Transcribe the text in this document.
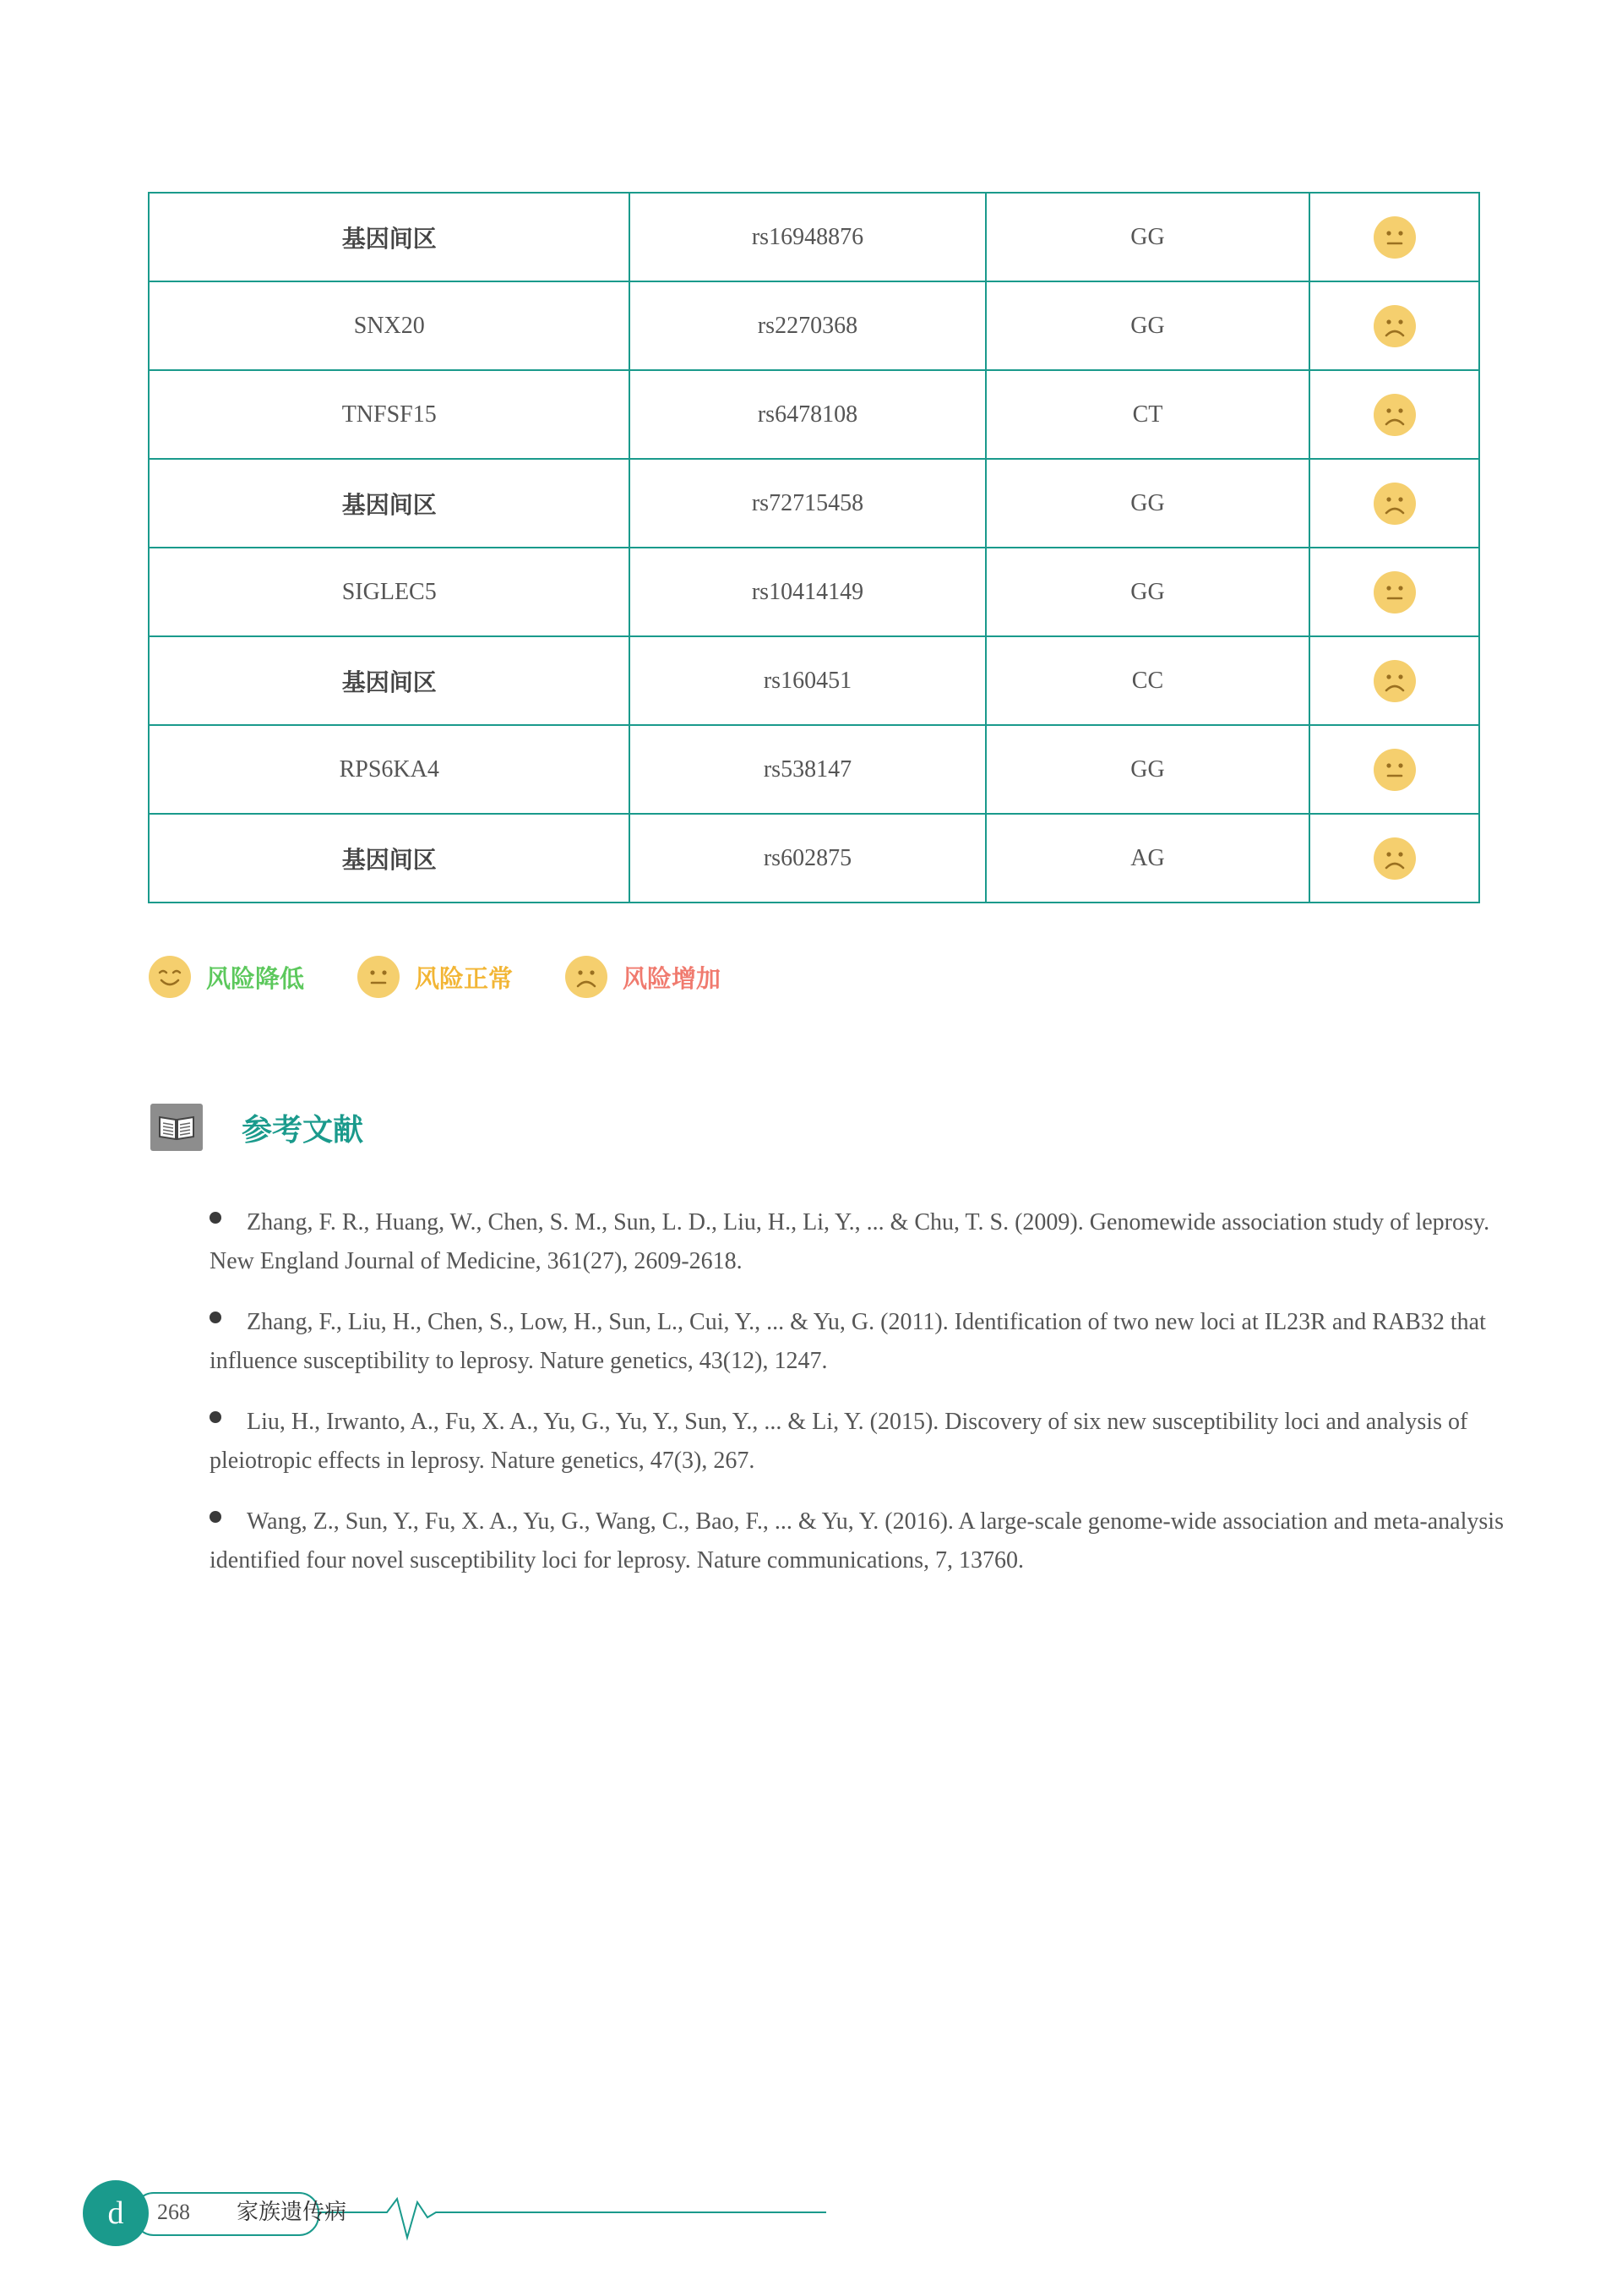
基因间区	rs16948876	GG	
SNX20	rs2270368	GG	
TNFSF15	rs6478108	CT	
基因间区	rs72715458	GG	
SIGLEC5	rs10414149	GG	
基因间区	rs160451	CC	
RPS6KA4	rs538147	GG	
基因间区	rs602875	AG	
风险降低	风险正常	风险增加
参考文献
Zhang, F. R., Huang, W., Chen, S. M., Sun, L. D., Liu, H., Li, Y., ... & Chu, T. S. (2009). Genomewide association study of leprosy. New England Journal of Medicine, 361(27), 2609-2618.
Zhang, F., Liu, H., Chen, S., Low, H., Sun, L., Cui, Y., ... & Yu, G. (2011). Identification of two new loci at IL23R and RAB32 that influence susceptibility to leprosy. Nature genetics, 43(12), 1247.
Liu, H., Irwanto, A., Fu, X. A., Yu, G., Yu, Y., Sun, Y., ... & Li, Y. (2015). Discovery of six new susceptibility loci and analysis of pleiotropic effects in leprosy. Nature genetics, 47(3), 267.
Wang, Z., Sun, Y., Fu, X. A., Yu, G., Wang, C., Bao, F., ... & Yu, Y. (2016). A large-scale genome-wide association and meta-analysis identified four novel susceptibility loci for leprosy. Nature communications, 7, 13760.
d	268 家族遗传病
